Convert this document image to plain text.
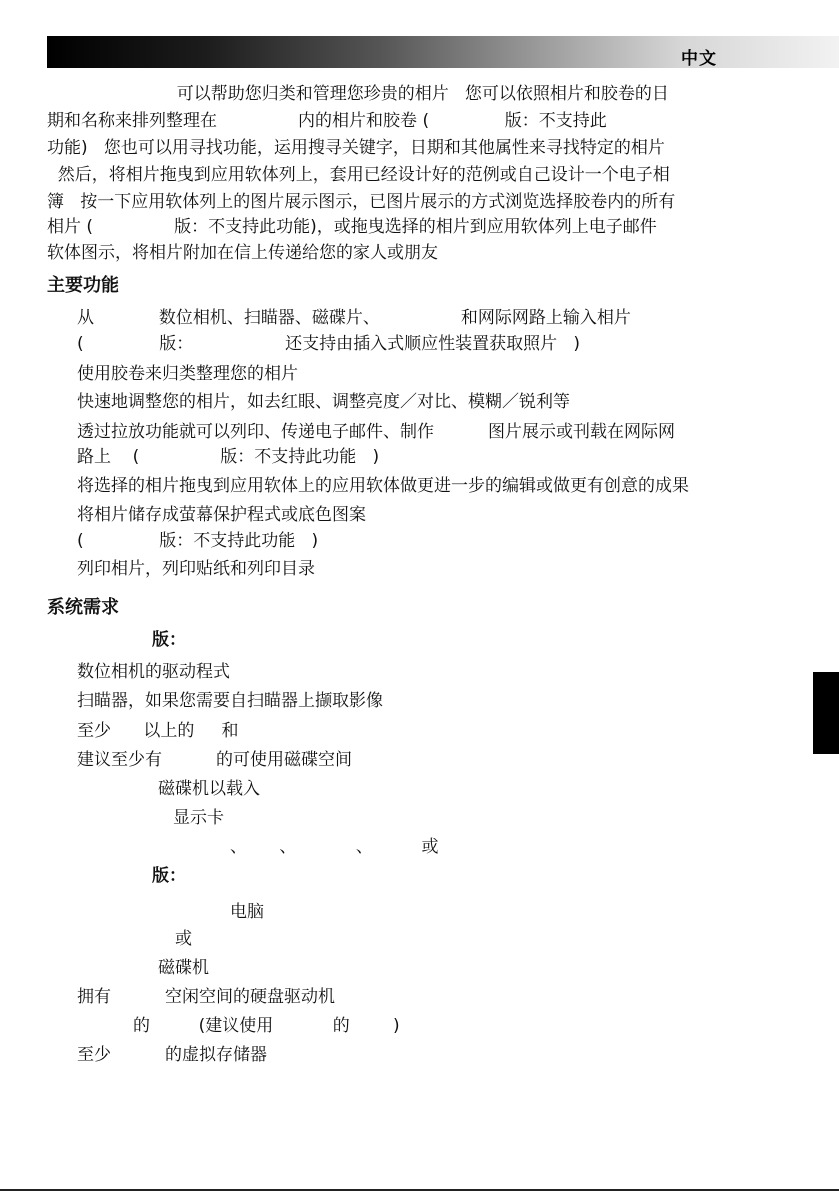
中文
可以帮助您归类和管理您珍贵的相片   您可以依照相片和胶卷的日
期和名称来排列整理在               内的相片和胶卷 (              版：不支持此
功能)   您也可以用寻找功能，运用搜寻关键字，日期和其他属性来寻找特定的相片
然后，将相片拖曳到应用软体列上，套用已经设计好的范例或自己设计一个电子相
簿   按一下应用软体列上的图片展示图示，已图片展示的方式浏览选择胶卷内的所有
相片 (               版：不支持此功能)，或拖曳选择的相片到应用软体列上电子邮件
软体图示，将相片附加在信上传递给您的家人或朋友
主要功能
从            数位相机、扫瞄器、磁碟片、               和网际网路上输入相片
(              版：                 还支持由插入式顺应性装置获取照片   )
使用胶卷来归类整理您的相片
快速地调整您的相片，如去红眼、调整亮度／对比、模糊／锐利等
透过拉放功能就可以列印、传递电子邮件、制作          图片展示或刊载在网际网
路上    (               版：不支持此功能   )
将选择的相片拖曳到应用软体上的应用软体做更进一步的编辑或做更有创意的成果
将相片储存成萤幕保护程式或底色图案
(              版：不支持此功能   )
列印相片，列印贴纸和列印目录
系统需求
版：
数位相机的驱动程式
扫瞄器，如果您需要自扫瞄器上撷取影像
至少      以上的     和
建议至少有          的可使用磁碟空间
磁碟机以载入
显示卡
、      、           、         或
版：
电脑
或
磁碟机
拥有          空闲空间的硬盘驱动机
的         (建议使用           的        )
至少          的虚拟存储器
